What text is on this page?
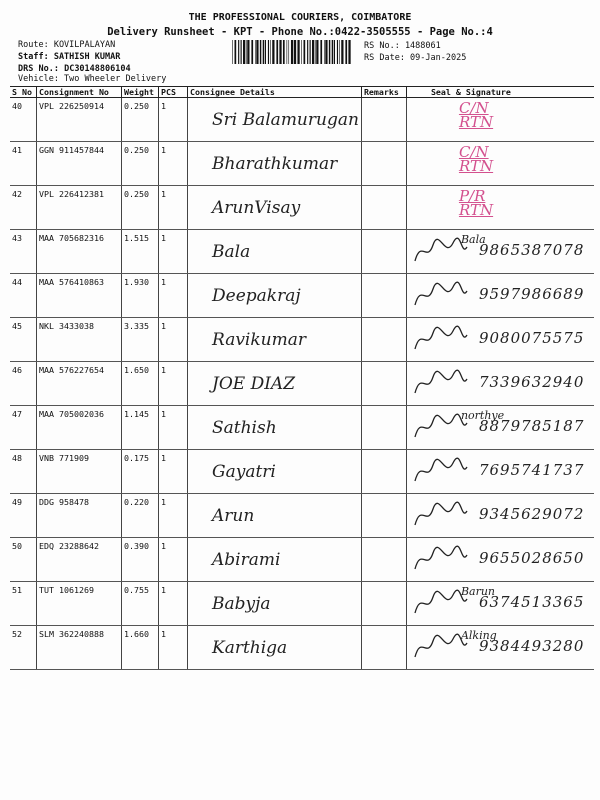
THE PROFESSIONAL COURIERS, COIMBATORE
Delivery Runsheet - KPT - Phone No.:0422-3505555 - Page No.:4
Route: KOVILPALAYAN
Staff: SATHISH KUMAR
DRS No.: DC30148806104
Vehicle: Two Wheeler Delivery
RS No.: 1488061
RS Date: 09-Jan-2025
S No	Consignment No	Weight	PCS	Consignee Details	Remarks	Seal & Signature
40	VPL 226250914	0.250	1	Sri Balamurugan		C/N
RTN

41	GGN 911457844	0.250	1	Bharathkumar		C/N
RTN

42	VPL 226412381	0.250	1	ArunVisay		P/R
RTN

43	MAA 705682316	1.515	1	Bala		Bala
9865387078

44	MAA 576410863	1.930	1	Deepakraj		9597986689

45	NKL 3433038	3.335	1	Ravikumar		9080075575

46	MAA 576227654	1.650	1	JOE DIAZ		7339632940

47	MAA 705002036	1.145	1	Sathish		northye
8879785187

48	VNB 771909	0.175	1	Gayatri		7695741737

49	DDG 958478	0.220	1	Arun		9345629072

50	EDQ 23288642	0.390	1	Abirami		9655028650

51	TUT 1061269	0.755	1	Babyja		Barun
6374513365

52	SLM 362240888	1.660	1	Karthiga		Alking
9384493280
